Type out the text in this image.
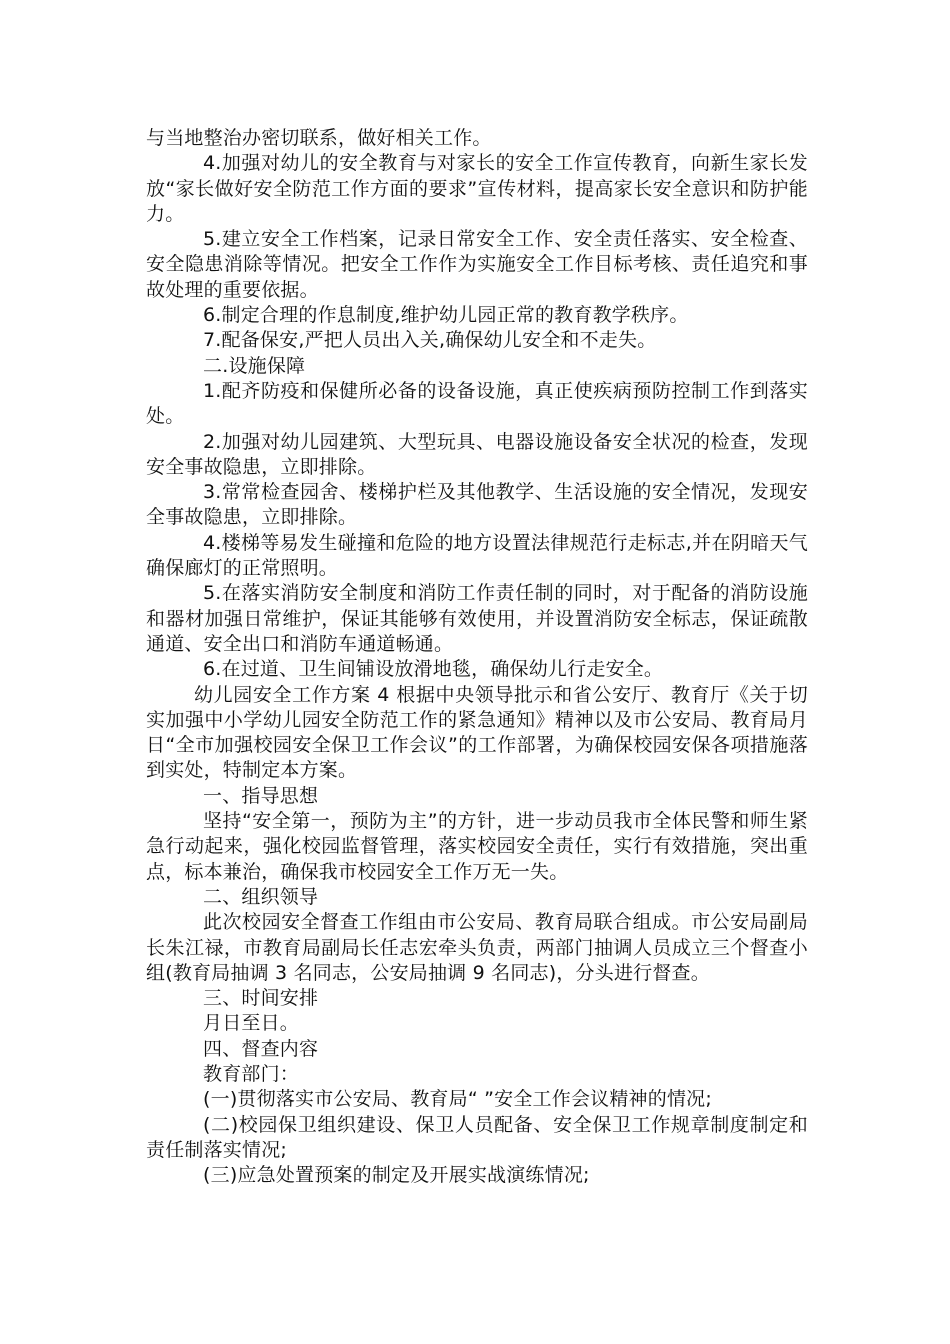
与当地整治办密切联系，做好相关工作。

4.加强对幼儿的安全教育与对家长的安全工作宣传教育，向新生家长发放“家长做好安全防范工作方面的要求”宣传材料，提高家长安全意识和防护能力。

5.建立安全工作档案，记录日常安全工作、安全责任落实、安全检查、安全隐患消除等情况。把安全工作作为实施安全工作目标考核、责任追究和事故处理的重要依据。

6.制定合理的作息制度,维护幼儿园正常的教育教学秩序。

7.配备保安,严把人员出入关,确保幼儿安全和不走失。

二.设施保障

1.配齐防疫和保健所必备的设备设施，真正使疾病预防控制工作到落实处。

2.加强对幼儿园建筑、大型玩具、电器设施设备安全状况的检查，发现安全事故隐患，立即排除。

3.常常检查园舍、楼梯护栏及其他教学、生活设施的安全情况，发现安全事故隐患，立即排除。

4.楼梯等易发生碰撞和危险的地方设置法律规范行走标志,并在阴暗天气确保廊灯的正常照明。

5.在落实消防安全制度和消防工作责任制的同时，对于配备的消防设施和器材加强日常维护，保证其能够有效使用，并设置消防安全标志，保证疏散通道、安全出口和消防车通道畅通。

6.在过道、卫生间铺设放滑地毯，确保幼儿行走安全。

幼儿园安全工作方案 4 根据中央领导批示和省公安厅、教育厅《关于切实加强中小学幼儿园安全防范工作的紧急通知》精神以及市公安局、教育局月日“全市加强校园安全保卫工作会议”的工作部署，为确保校园安保各项措施落到实处，特制定本方案。

一、指导思想

坚持“安全第一，预防为主”的方针，进一步动员我市全体民警和师生紧急行动起来，强化校园监督管理，落实校园安全责任，实行有效措施，突出重点，标本兼治，确保我市校园安全工作万无一失。

二、组织领导

此次校园安全督查工作组由市公安局、教育局联合组成。市公安局副局长朱江禄，市教育局副局长任志宏牵头负责，两部门抽调人员成立三个督查小组(教育局抽调 3 名同志，公安局抽调 9 名同志)，分头进行督查。

三、时间安排

月日至日。

四、督查内容

教育部门：

(一)贯彻落实市公安局、教育局“ ”安全工作会议精神的情况;

(二)校园保卫组织建设、保卫人员配备、安全保卫工作规章制度制定和责任制落实情况;

(三)应急处置预案的制定及开展实战演练情况;
